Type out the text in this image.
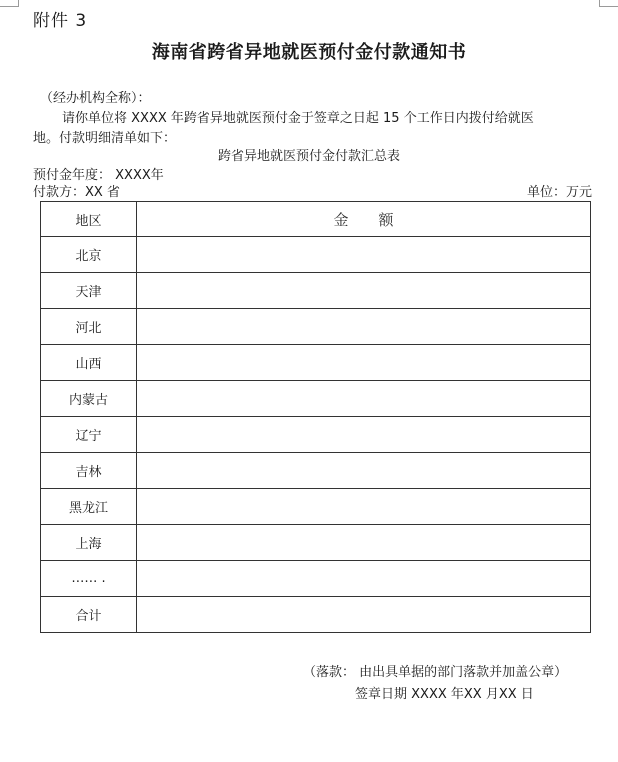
附件 3
海南省跨省异地就医预付金付款通知书
（经办机构全称）：
请你单位将 XXXX 年跨省异地就医预付金于签章之日起 15 个工作日内拨付给就医
地。付款明细清单如下：
跨省异地就医预付金付款汇总表
预付金年度： XXXX年
付款方：XX 省	单位：万元
地区	金额
北京	
天津	
河北	
山西	
内蒙古	
辽宁	
吉林	
黑龙江	
上海	
…… .	
合计	
（落款： 由出具单据的部门落款并加盖公章）
签章日期 XXXX 年XX 月XX 日
